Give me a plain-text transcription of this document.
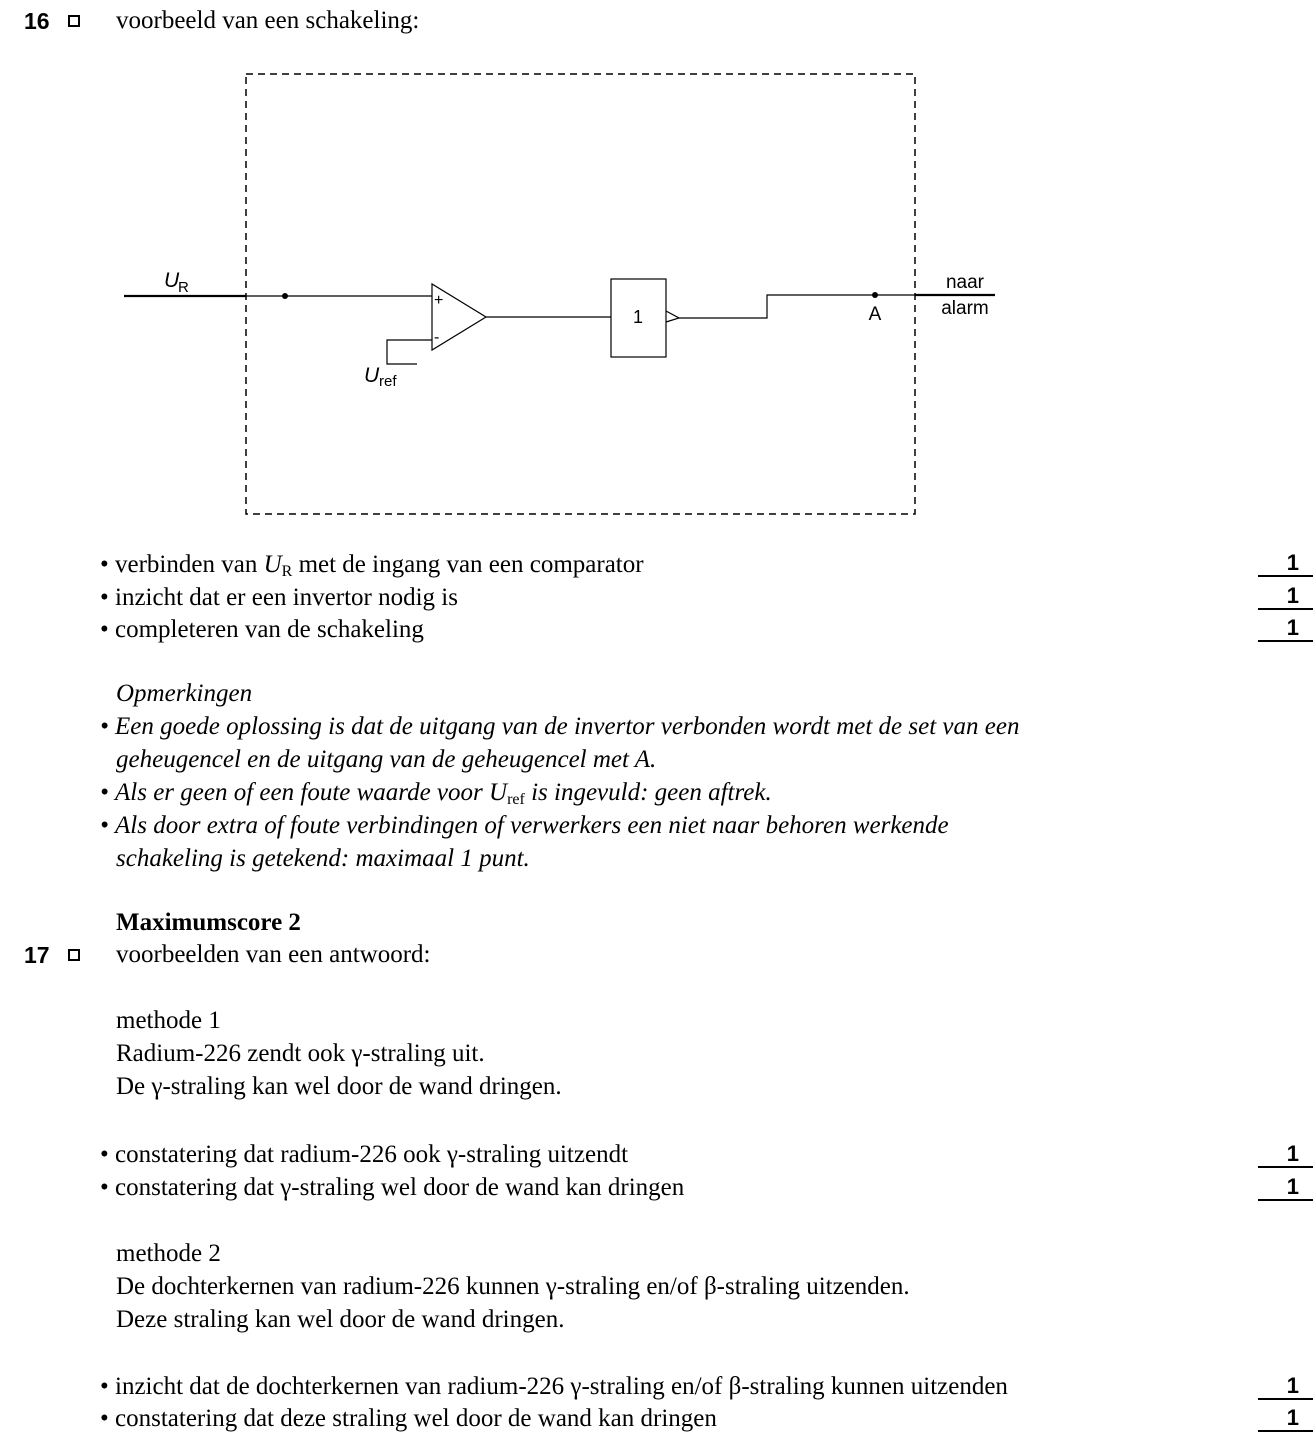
16	voorbeeld van een schakeling:
+
-
1	A
naar
alarm
U
R
U ref
• verbinden van $U_R$ met de ingang van een comparator	1
• inzicht dat er een invertor nodig is	1
• completeren van de schakeling	1
Opmerkingen
• Een goede oplossing is dat de uitgang van de invertor verbonden wordt met de set van een
geheugencel en de uitgang van de geheugencel met A.
• Als er geen of een foute waarde voor $U_{ref}$ is ingevuld: geen aftrek.
• Als door extra of foute verbindingen of verwerkers een niet naar behoren werkende
schakeling is getekend: maximaal 1 punt.
Maximumscore 2
17	voorbeelden van een antwoord:
methode 1
Radium-226 zendt ook γ-straling uit.
De γ-straling kan wel door de wand dringen.
• constatering dat radium-226 ook γ-straling uitzendt	1
• constatering dat γ-straling wel door de wand kan dringen	1
methode 2
De dochterkernen van radium-226 kunnen γ-straling en/of β-straling uitzenden.
Deze straling kan wel door de wand dringen.
• inzicht dat de dochterkernen van radium-226 γ-straling en/of β-straling kunnen uitzenden	1
• constatering dat deze straling wel door de wand kan dringen	1
